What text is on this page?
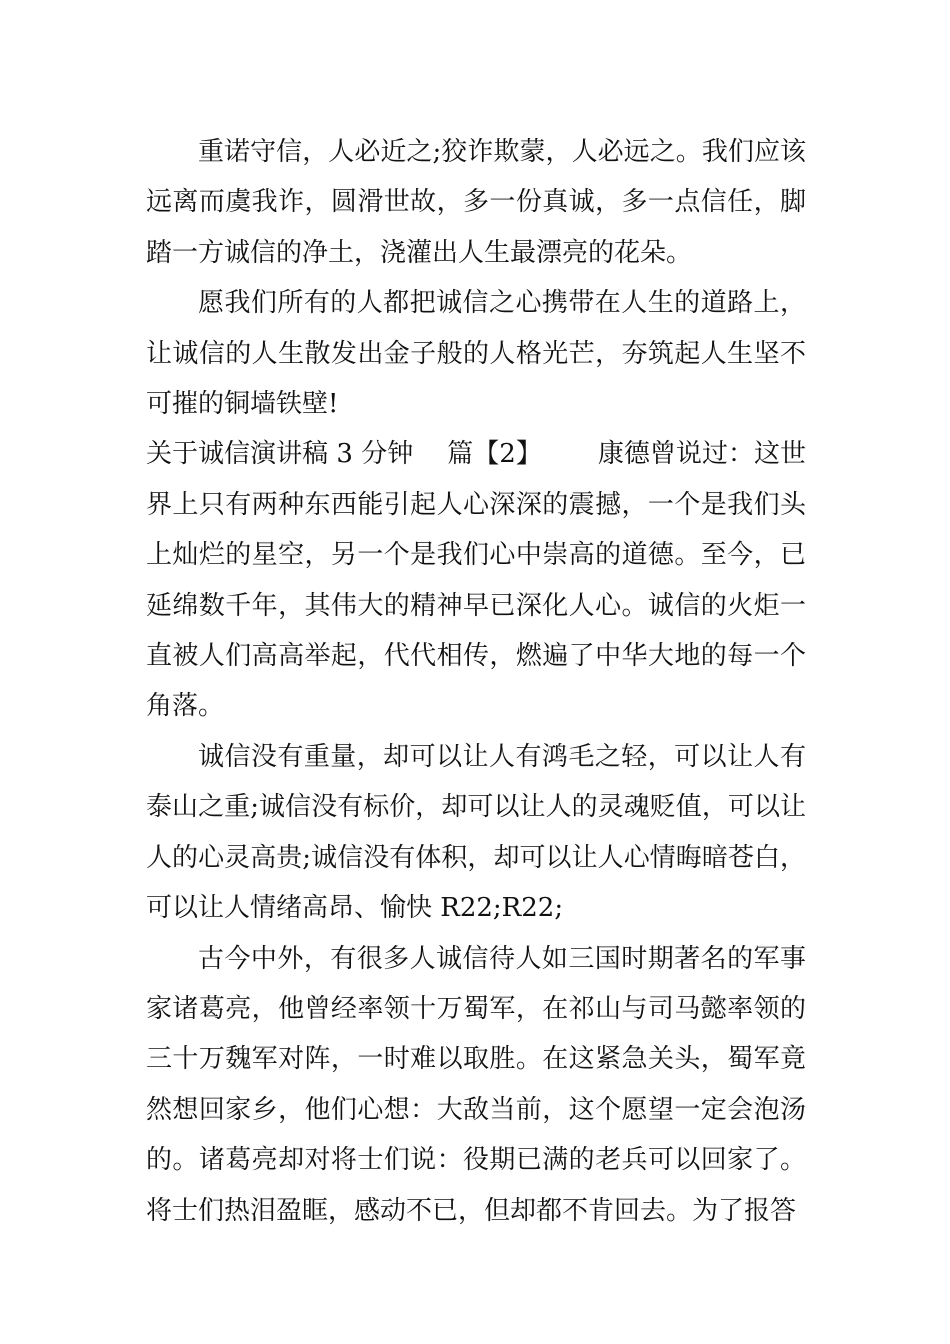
重诺守信，人必近之;狡诈欺蒙，人必远之。我们应该远离而虞我诈，圆滑世故，多一份真诚，多一点信任，脚踏一方诚信的净土，浇灌出人生最漂亮的花朵。

愿我们所有的人都把诚信之心携带在人生的道路上，让诚信的人生散发出金子般的人格光芒，夯筑起人生坚不可摧的铜墙铁壁!

关于诚信演讲稿 3 分钟 篇【2】 康德曾说过：这世界上只有两种东西能引起人心深深的震撼，一个是我们头上灿烂的星空，另一个是我们心中崇高的道德。至今，已延绵数千年，其伟大的精神早已深化人心。诚信的火炬一直被人们高高举起，代代相传，燃遍了中华大地的每一个角落。

诚信没有重量，却可以让人有鸿毛之轻，可以让人有泰山之重;诚信没有标价，却可以让人的灵魂贬值，可以让人的心灵高贵;诚信没有体积，却可以让人心情晦暗苍白，可以让人情绪高昂、愉快 R22;R22;

古今中外，有很多人诚信待人如三国时期著名的军事家诸葛亮，他曾经率领十万蜀军，在祁山与司马懿率领的三十万魏军对阵，一时难以取胜。在这紧急关头，蜀军竟然想回家乡，他们心想：大敌当前，这个愿望一定会泡汤的。诸葛亮却对将士们说：役期已满的老兵可以回家了。将士们热泪盈眶，感动不已，但却都不肯回去。为了报答
